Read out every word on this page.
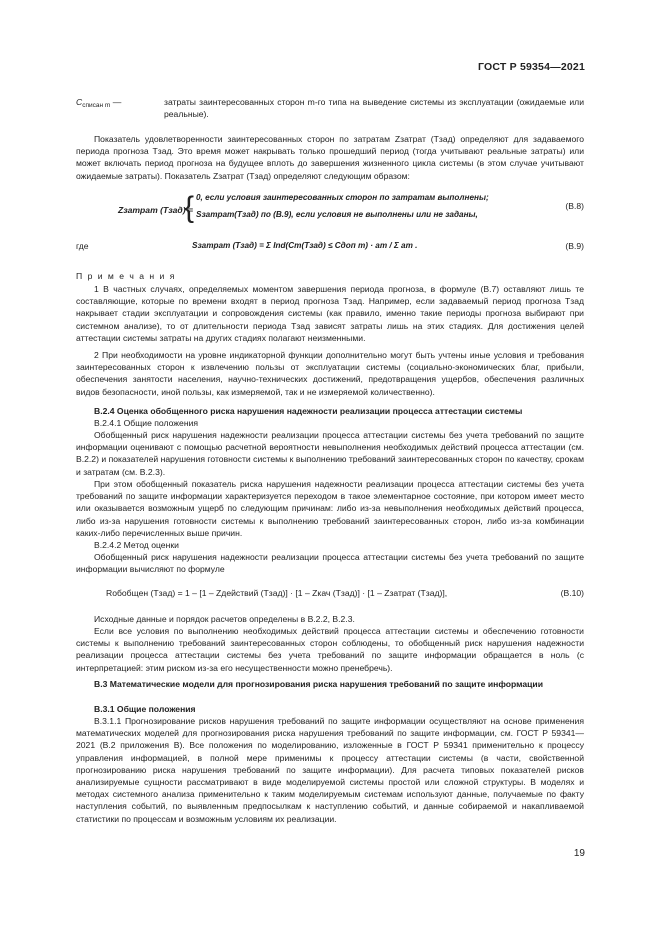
ГОСТ Р 59354—2021
$C_{списан m}$ —	затраты заинтересованных сторон m-го типа на выведение системы из эксплуатации (ожидаемые или реальные).
Показатель удовлетворенности заинтересованных сторон по затратам Zзатрат (Tзад) определяют для задаваемого периода прогноза Tзад. Это время может накрывать только прошедший период (тогда учитывают реальные затраты) или может включать период прогноза на будущее вплоть до завершения жизненного цикла системы (в этом случае учитывают ожидаемые затраты). Показатель Zзатрат (Tзад) определяют следующим образом:
Zзатрат (Tзад) =
{ 0, если условия заинтересованных сторон по затратам выполнены;
Sзатрат(Tзад) по (В.9), если условия не выполнены или не заданы,
(В.8)
где	Sзатрат (Tзад) = Σ Ind(Cm(Tзад) ≤ Cдоп m) · am / Σ am .	(В.9)
П р и м е ч а н и я
1 В частных случаях, определяемых моментом завершения периода прогноза, в формуле (В.7) оставляют лишь те составляющие, которые по времени входят в период прогноза Tзад. Например, если задаваемый период прогноза Tзад накрывает стадии эксплуатации и сопровождения системы (как правило, именно такие периоды прогноза выбирают при системном анализе), то от длительности периода Tзад зависят затраты лишь на этих стадиях. Для достижения целей аттестации системы затраты на других стадиях полагают неизменными.
2 При необходимости на уровне индикаторной функции дополнительно могут быть учтены иные условия и требования заинтересованных сторон к извлечению пользы от эксплуатации системы (социально-экономических благ, прибыли, обеспечения занятости населения, научно-технических достижений, предотвращения ущербов, обеспечения различных видов безопасности, иной пользы, как измеряемой, так и не измеряемой количественно).
В.2.4 Оценка обобщенного риска нарушения надежности реализации процесса аттестации системы
В.2.4.1 Общие положения
Обобщенный риск нарушения надежности реализации процесса аттестации системы без учета требований по защите информации оценивают с помощью расчетной вероятности невыполнения необходимых действий процесса аттестации (см. В.2.2) и показателей нарушения готовности системы к выполнению требований заинтересованных сторон по качеству, срокам и затратам (см. В.2.3).
При этом обобщенный показатель риска нарушения надежности реализации процесса аттестации системы без учета требований по защите информации характеризуется переходом в такое элементарное состояние, при котором имеет место или оказывается возможным ущерб по следующим причинам: либо из-за невыполнения необходимых действий процесса, либо из-за нарушения готовности системы к выполнению требований заинтересованных сторон, либо из-за комбинации каких-либо перечисленных выше причин.
В.2.4.2 Метод оценки
Обобщенный риск нарушения надежности реализации процесса аттестации системы без учета требований по защите информации вычисляют по формуле
Rобобщен (Tзад) = 1 – [1 – Zдействий (Tзад)] · [1 – Zкач (Tзад)] · [1 – Zзатрат (Tзад)],	(В.10)
Исходные данные и порядок расчетов определены в В.2.2, В.2.3.
Если все условия по выполнению необходимых действий процесса аттестации системы и обеспечению готовности системы к выполнению требований заинтересованных сторон соблюдены, то обобщенный риск нарушения надежности реализации процесса аттестации системы без учета требований по защите информации обращается в ноль (с интерпретацией: этим риском из-за его несущественности можно пренебречь).
В.3 Математические модели для прогнозирования риска нарушения требований по защите информации
В.3.1 Общие положения
В.3.1.1 Прогнозирование рисков нарушения требований по защите информации осуществляют на основе применения математических моделей для прогнозирования риска нарушения требований по защите информации, см. ГОСТ Р 59341—2021 (В.2 приложения В). Все положения по моделированию, изложенные в ГОСТ Р 59341 применительно к процессу управления информацией, в полной мере применимы к процессу аттестации системы (в части, свойственной прогнозированию риска нарушения требований по защите информации). Для расчета типовых показателей рисков анализируемые сущности рассматривают в виде моделируемой системы простой или сложной структуры. В моделях и методах системного анализа применительно к таким моделируемым системам используют данные, получаемые по факту наступления событий, по выявленным предпосылкам к наступлению событий, и данные собираемой и накапливаемой статистики по процессам и возможным условиям их реализации.
19
